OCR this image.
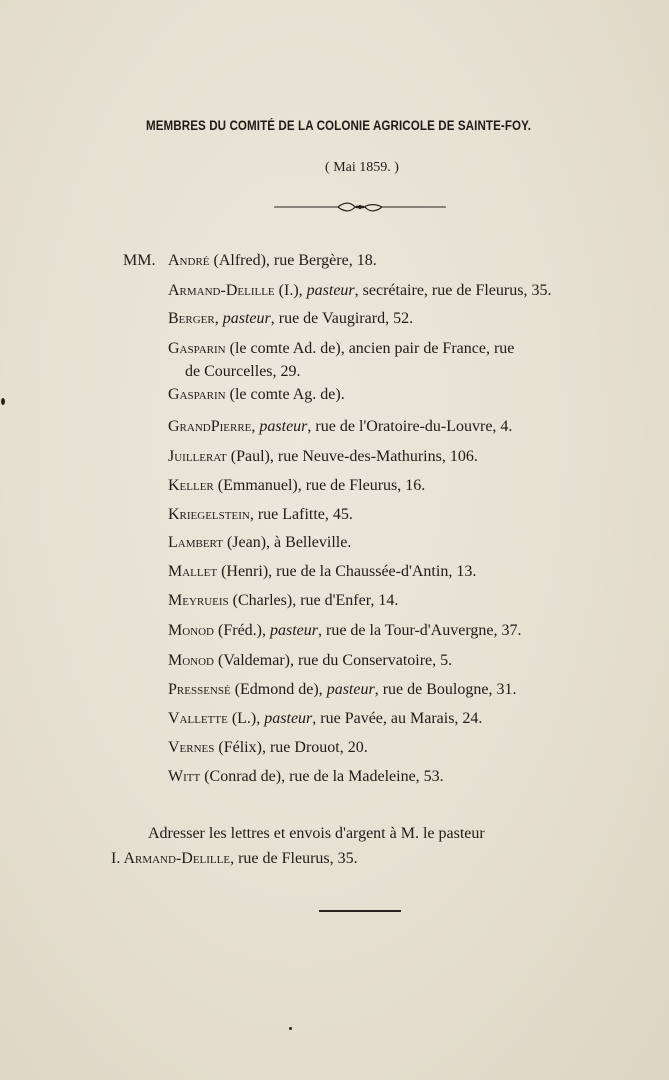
MEMBRES DU COMITÉ DE LA COLONIE AGRICOLE DE SAINTE-FOY.
( Mai 1859. )
MM. André (Alfred), rue Bergère, 18.
Armand-Delille (I.), pasteur, secrétaire, rue de Fleurus, 35.
Berger, pasteur, rue de Vaugirard, 52.
Gasparin (le comte Ad. de), ancien pair de France, rue
de Courcelles, 29.
Gasparin (le comte Ag. de).
GrandPierre, pasteur, rue de l'Oratoire-du-Louvre, 4.
Juillerat (Paul), rue Neuve-des-Mathurins, 106.
Keller (Emmanuel), rue de Fleurus, 16.
Kriegelstein, rue Lafitte, 45.
Lambert (Jean), à Belleville.
Mallet (Henri), rue de la Chaussée-d'Antin, 13.
Meyrueis (Charles), rue d'Enfer, 14.
Monod (Fréd.), pasteur, rue de la Tour-d'Auvergne, 37.
Monod (Valdemar), rue du Conservatoire, 5.
Pressensé (Edmond de), pasteur, rue de Boulogne, 31.
Vallette (L.), pasteur, rue Pavée, au Marais, 24.
Vernes (Félix), rue Drouot, 20.
Witt (Conrad de), rue de la Madeleine, 53.
Adresser les lettres et envois d'argent à M. le pasteur
I. Armand-Delille, rue de Fleurus, 35.
